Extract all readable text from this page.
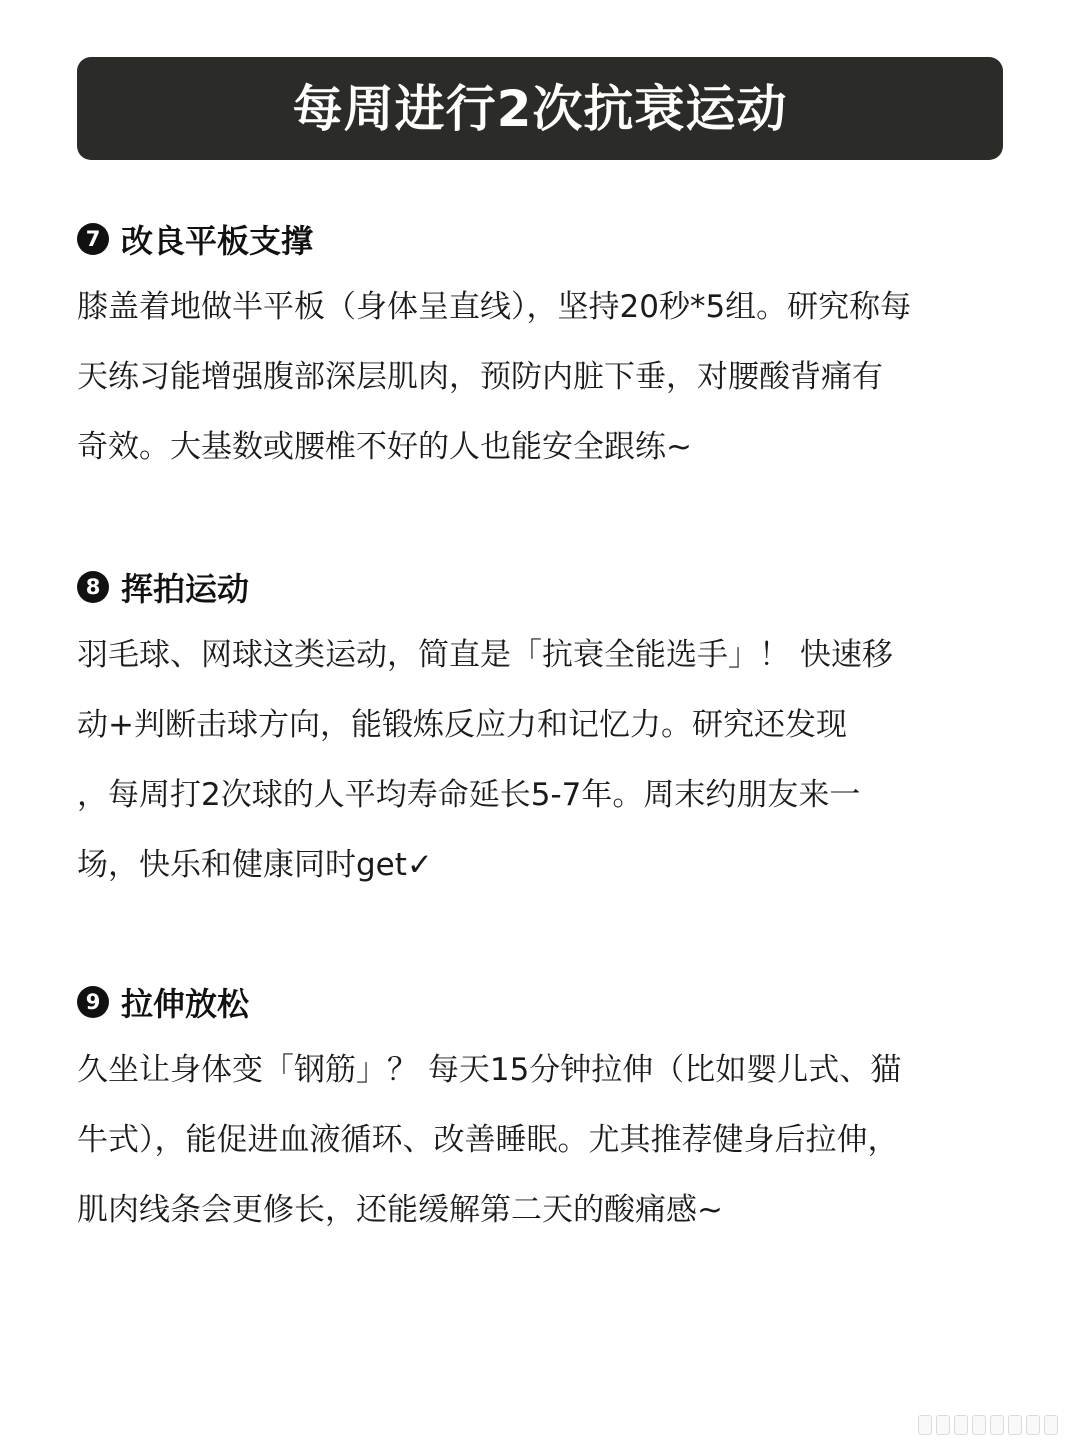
每周进行2次抗衰运动
7 改良平板支撑
膝盖着地做半平板（身体呈直线），坚持20秒*5组。研究称每
天练习能增强腹部深层肌肉，预防内脏下垂，对腰酸背痛有
奇效。大基数或腰椎不好的人也能安全跟练~
8 挥拍运动
羽毛球、网球这类运动，简直是「抗衰全能选手」！ 快速移
动+判断击球方向，能锻炼反应力和记忆力。研究还发现
，每周打2次球的人平均寿命延长5-7年。周末约朋友来一
场，快乐和健康同时get✓
9 拉伸放松
久坐让身体变「钢筋」？ 每天15分钟拉伸（比如婴儿式、猫
牛式），能促进血液循环、改善睡眠。尤其推荐健身后拉伸，
肌肉线条会更修长，还能缓解第二天的酸痛感~
